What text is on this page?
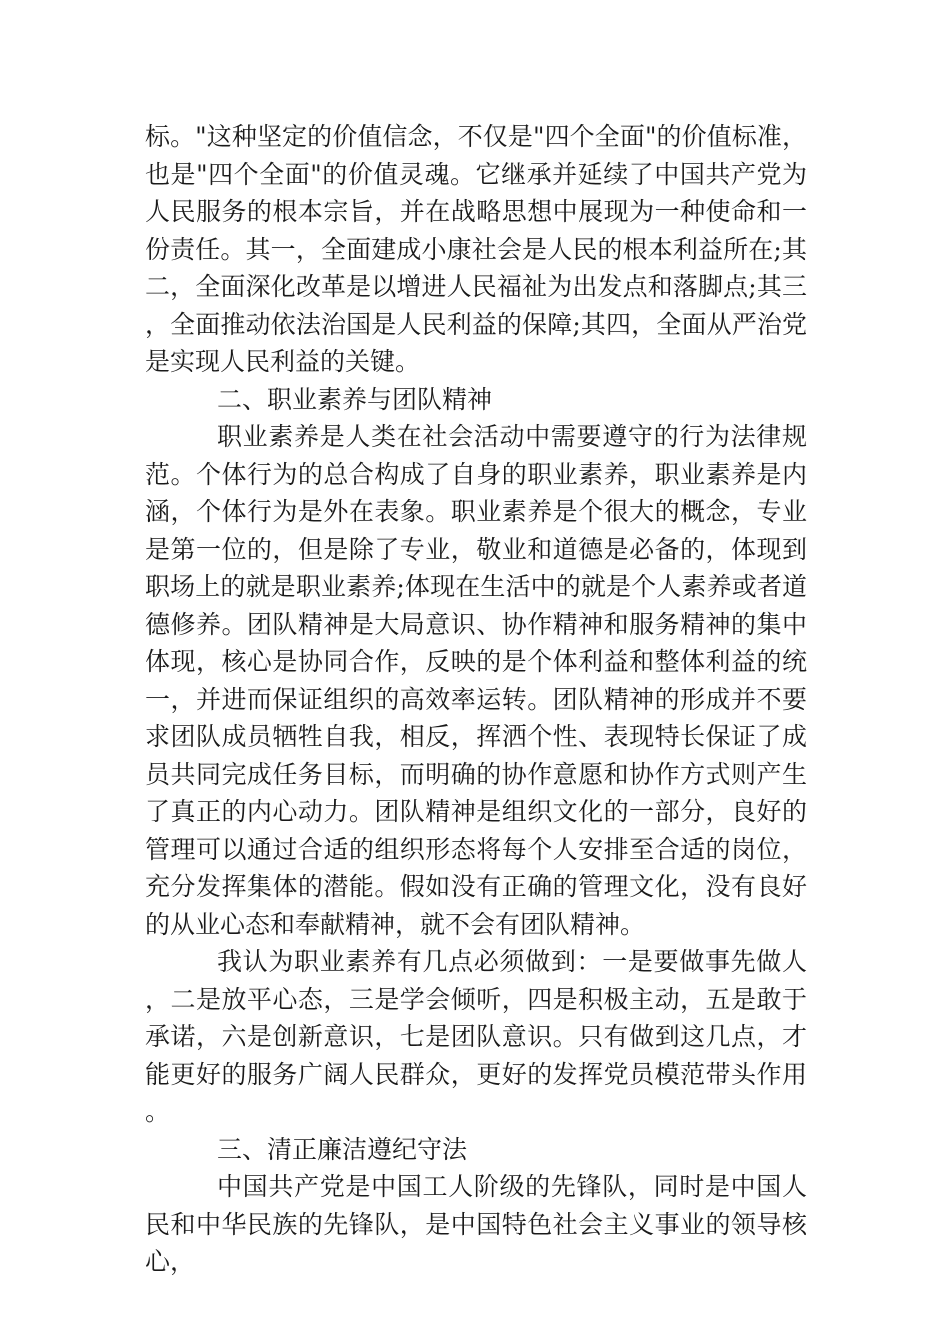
标。"这种坚定的价值信念，不仅是"四个全面"的价值标准，也是"四个全面"的价值灵魂。它继承并延续了中国共产党为人民服务的根本宗旨，并在战略思想中展现为一种使命和一份责任。其一，全面建成小康社会是人民的根本利益所在;其二，全面深化改革是以增进人民福祉为出发点和落脚点;其三，全面推动依法治国是人民利益的保障;其四，全面从严治党是实现人民利益的关键。

二、职业素养与团队精神

职业素养是人类在社会活动中需要遵守的行为法律规范。个体行为的总合构成了自身的职业素养，职业素养是内涵，个体行为是外在表象。职业素养是个很大的概念，专业是第一位的，但是除了专业，敬业和道德是必备的，体现到职场上的就是职业素养;体现在生活中的就是个人素养或者道德修养。团队精神是大局意识、协作精神和服务精神的集中体现，核心是协同合作，反映的是个体利益和整体利益的统一，并进而保证组织的高效率运转。团队精神的形成并不要求团队成员牺牲自我，相反，挥洒个性、表现特长保证了成员共同完成任务目标，而明确的协作意愿和协作方式则产生了真正的内心动力。团队精神是组织文化的一部分，良好的管理可以通过合适的组织形态将每个人安排至合适的岗位，充分发挥集体的潜能。假如没有正确的管理文化，没有良好的从业心态和奉献精神，就不会有团队精神。

我认为职业素养有几点必须做到：一是要做事先做人，二是放平心态，三是学会倾听，四是积极主动，五是敢于承诺，六是创新意识，七是团队意识。只有做到这几点，才能更好的服务广阔人民群众，更好的发挥党员模范带头作用。

三、清正廉洁遵纪守法

中国共产党是中国工人阶级的先锋队，同时是中国人民和中华民族的先锋队，是中国特色社会主义事业的领导核心，
